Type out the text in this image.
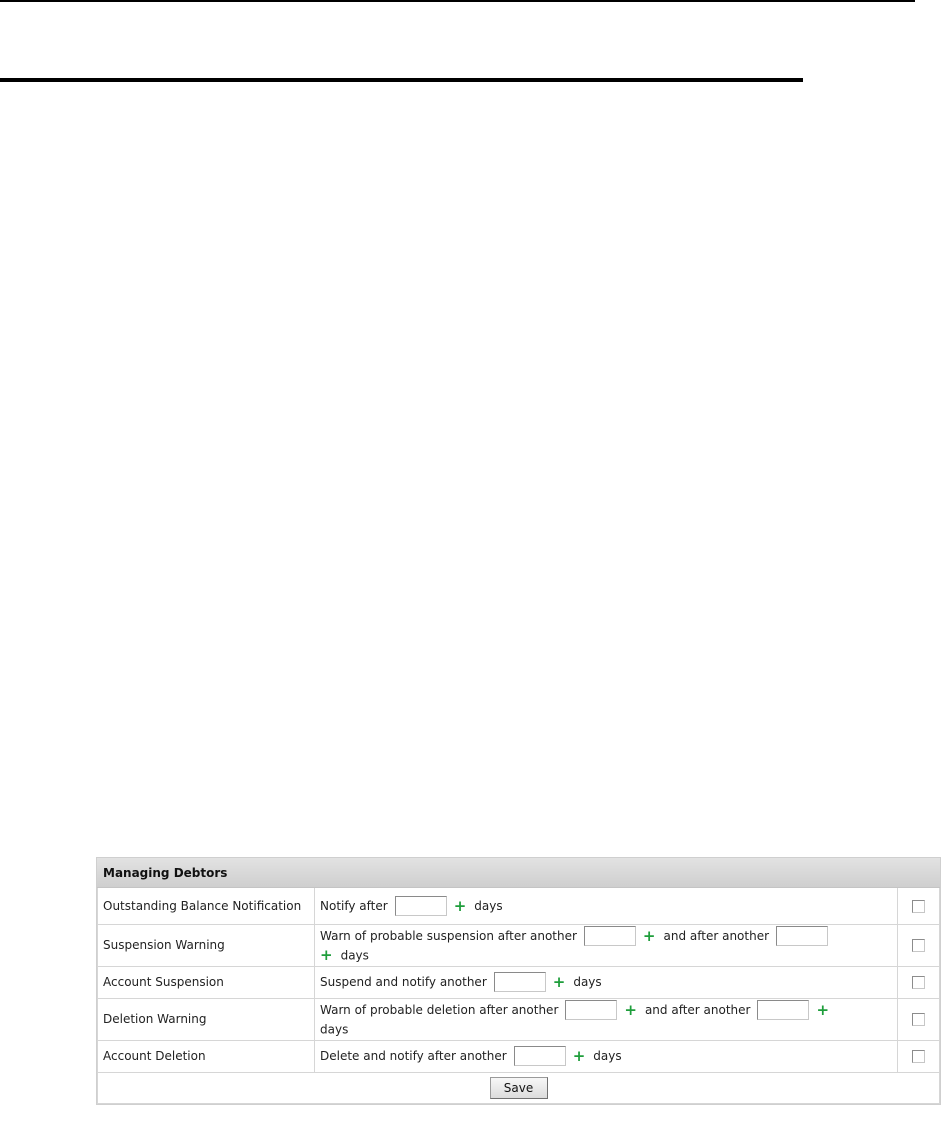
Managing Debtors
Outstanding Balance Notification	Notify after + days	
Suspension Warning	Warn of probable suspension after another + and after another
+ days	
Account Suspension	Suspend and notify another + days	
Deletion Warning	Warn of probable deletion after another + and after another +
days	
Account Deletion	Delete and notify after another + days	
Save		
